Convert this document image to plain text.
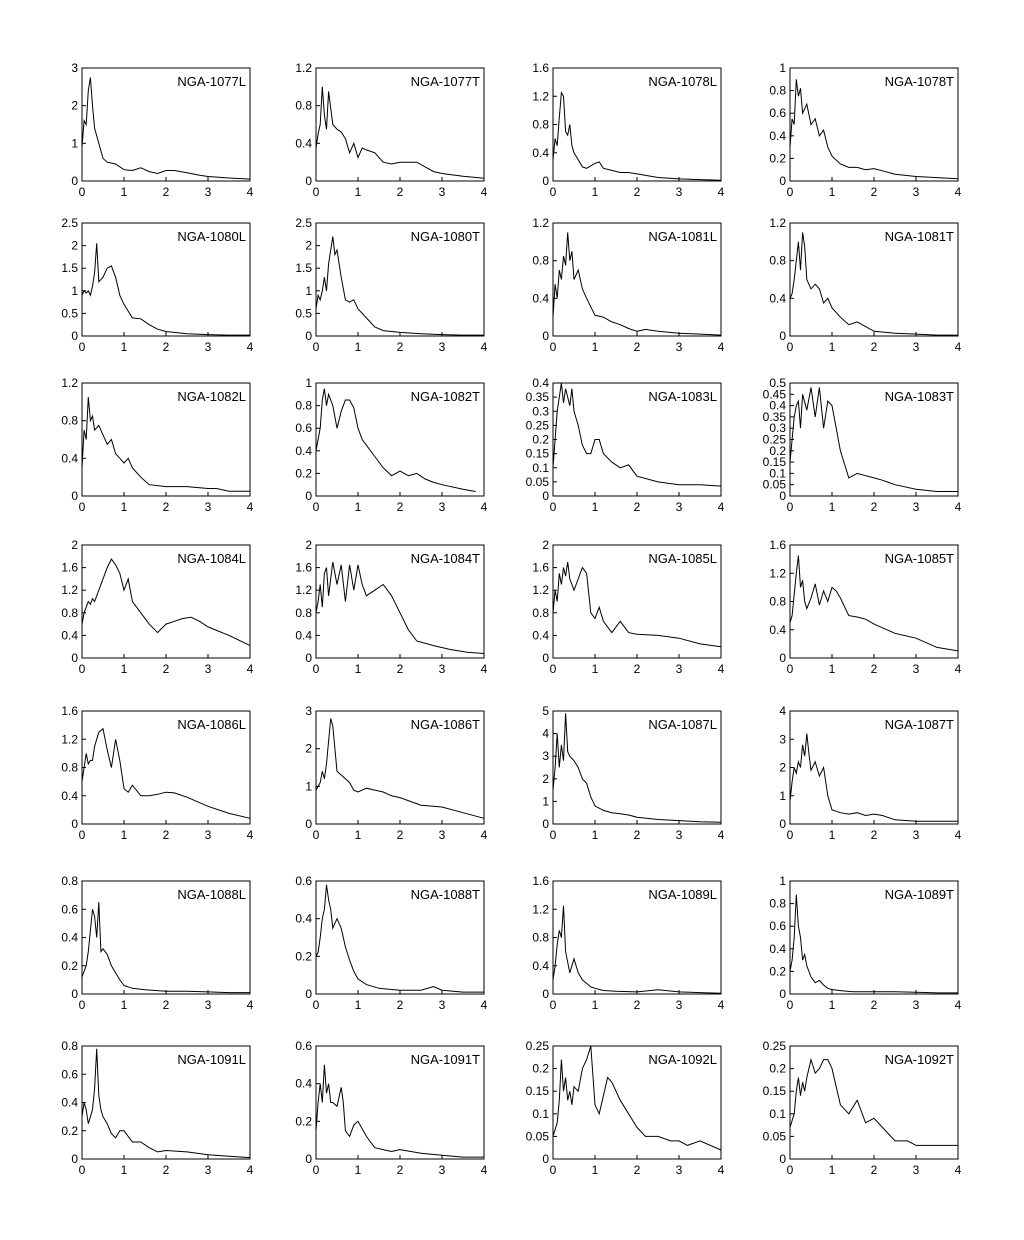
0	1	2	3	4
0
1
2
3
NGA-1077L
0	1	2	3	4
0
0.4
0.8
1.2
NGA-1077T
0	1	2	3	4
0
0.4
0.8
1.2
1.6
NGA-1078L
0	1	2	3	4
0
0.2
0.4
0.6
0.8
1
NGA-1078T
0	1	2	3	4
0
0.5
1
1.5
2
2.5
NGA-1080L
0	1	2	3	4
0
0.5
1
1.5
2
2.5
NGA-1080T
0	1	2	3	4
0
0.4
0.8
1.2
NGA-1081L
0	1	2	3	4
0
0.4
0.8
1.2
NGA-1081T
0	1	2	3	4
0
0.4
0.8
1.2
NGA-1082L
0	1	2	3	4
0
0.2
0.4
0.6
0.8
1
NGA-1082T
0	1	2	3	4
0
0.05
0.1
0.15
0.2
0.25
0.3
0.35
0.4
NGA-1083L
0	1	2	3	4
0
0.05
0.1
0.15
0.2
0.25
0.3
0.35
0.4
0.45
0.5
NGA-1083T
0	1	2	3	4
0
0.4
0.8
1.2
1.6
2
NGA-1084L
0	1	2	3	4
0
0.4
0.8
1.2
1.6
2
NGA-1084T
0	1	2	3	4
0
0.4
0.8
1.2
1.6
2
NGA-1085L
0	1	2	3	4
0
0.4
0.8
1.2
1.6
NGA-1085T
0	1	2	3	4
0
0.4
0.8
1.2
1.6
NGA-1086L
0	1	2	3	4
0
1
2
3
NGA-1086T
0	1	2	3	4
0
1
2
3
4
5
NGA-1087L
0	1	2	3	4
0
1
2
3
4
NGA-1087T
0	1	2	3	4
0
0.2
0.4
0.6
0.8
NGA-1088L
0	1	2	3	4
0
0.2
0.4
0.6
NGA-1088T
0	1	2	3	4
0
0.4
0.8
1.2
1.6
NGA-1089L
0	1	2	3	4
0
0.2
0.4
0.6
0.8
1
NGA-1089T
0	1	2	3	4
0
0.2
0.4
0.6
0.8
NGA-1091L
0	1	2	3	4
0
0.2
0.4
0.6
NGA-1091T
0	1	2	3	4
0
0.05
0.1
0.15
0.2
0.25
NGA-1092L
0	1	2	3	4
0
0.05
0.1
0.15
0.2
0.25
NGA-1092T
